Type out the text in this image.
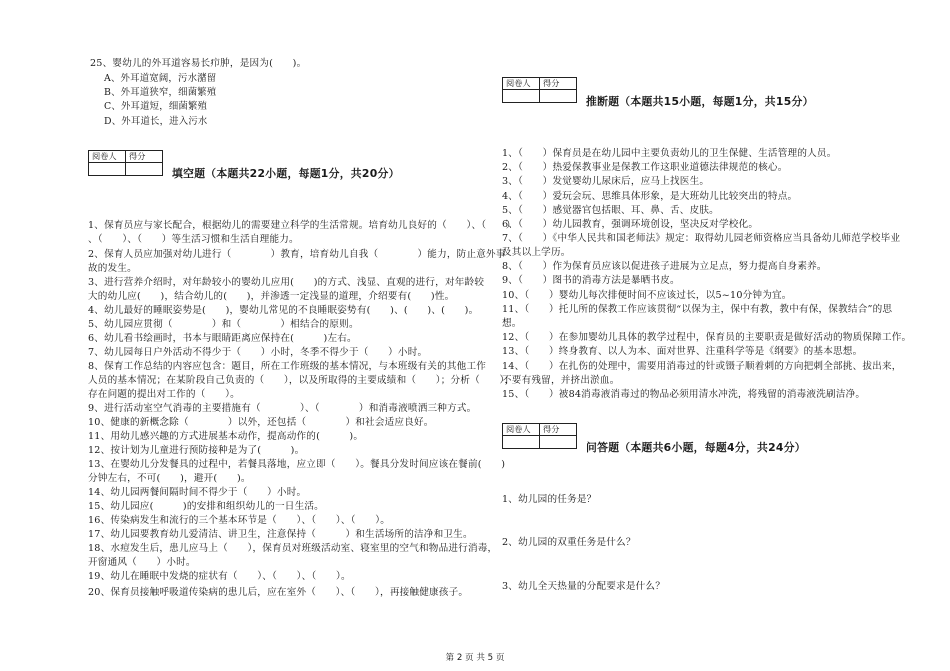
25、婴幼儿的外耳道容易长疖肿，是因为(　　)。
A、外耳道宽阔，污水潴留
B、外耳道狭窄，细菌繁殖
C、外耳道短，细菌繁殖
D、外耳道长，进入污水
阅卷人	得分

填空题（本题共22小题，每题1分，共20分）
1、保育员应与家长配合，根据幼儿的需要建立科学的生活常规。培育幼儿良好的（　　）、（　　）
、（　　）、（　　）等生活习惯和生活自理能力。
2、保育人员应加强对幼儿进行（　　　　）教育，培育幼儿自我（　　　　）能力，防止意外事
故的发生。
3、进行营养介绍时，对年龄较小的婴幼儿应用(　　)的方式、浅显、直观的进行，对年龄较
大的幼儿应(　　)，结合幼儿的(　　)，并渗透一定浅显的道理，介绍要有(　　)性。
4、幼儿最好的睡眠姿势是(　　)，婴幼儿常见的不良睡眠姿势有(　　)、(　　)、(　　)。
5、幼儿园应贯彻（　　　　）和（　　　　）相结合的原则。
6、幼儿看书绘画时，书本与眼睛距离应保持在(　　　)左右。
7、幼儿园每日户外活动不得少于（　　）小时，冬季不得少于（　　）小时。
8、保育工作总结的内容应包含：题目，所在工作班级的基本情况，与本班级有关的其他工作
人员的基本情况；在某阶段自己负责的（　　），以及所取得的主要成绩和（　　）；分析（　　），
存在问题的提出对工作的（　　）。
9、进行活动室空气消毒的主要措施有（　　　　）、（　　　　）和消毒液喷洒三种方式。
10、健康的新概念除（　　　　）以外，还包括（　　　　）和社会适应良好。
11、用幼儿感兴趣的方式进展基本动作，提高动作的(　　　)。
12、按计划为儿童进行预防接种是为了(　　　)。
13、在婴幼儿分发餐具的过程中，若餐具落地，应立即（　　）。餐具分发时间应该在餐前(　　)
分钟左右，不可(　　)，避开(　　)。
14、幼儿园两餐间隔时间不得少于（　　）小时。
15、幼儿园应(　　　)的安排和组织幼儿的一日生活。
16、传染病发生和流行的三个基本环节是（　　）、（　　）、（　　）。
17、幼儿园要教育幼儿爱清洁、讲卫生，注意保持（　　　）和生活场所的洁净和卫生。
18、水痘发生后，患儿应马上（　　），保育员对班级活动室、寝室里的空气和物品进行消毒，
开窗通风（　　）小时。
19、幼儿在睡眠中发烧的症状有（　　）、（　　）、（　　）。
20、保育员接触呼吸道传染病的患儿后，应在室外（　　）、（　　），再接触健康孩子。
阅卷人	得分

推断题（本题共15小题，每题1分，共15分）
1、（　　）保育员是在幼儿园中主要负责幼儿的卫生保健、生活管理的人员。
2、（　　）热爱保教事业是保教工作这职业道德法律规范的核心。
3、（　　）发觉婴幼儿尿床后，应马上找医生。
4、（　　）爱玩会玩、思维具体形象，是大班幼儿比较突出的特点。
5、（　　）感觉器官包括眼、耳、鼻、舌、皮肤。
6、（　　）幼儿园教育，强调环境创设，坚决反对学校化。
7、（　　）《中华人民共和国老师法》规定：取得幼儿园老师资格应当具备幼儿师范学校毕业
及其以上学历。
8、（　　）作为保育员应该以促进孩子进展为立足点，努力提高自身素养。
9、（　　）图书的消毒方法是暴晒书皮。
10、（　　）婴幼儿每次排便时间不应该过长，以5~10分钟为宜。
11、（　　）托儿所的保教工作应该贯彻“以保为主，保中有教，教中有保，保教结合”的思
想。
12、（　　）在参加婴幼儿具体的教学过程中，保育员的主要职责是做好活动的物质保障工作。
13、（　　）终身教育、以人为本、面对世界、注重科学等是《纲要》的基本思想。
14、（　　）在扎伤的处理中，需要用消毒过的针或镊子顺着刺的方向把刺全部挑、拔出来，
不要有残留，并挤出淤血。
15、（　　）被84消毒液消毒过的物品必须用清水冲洗，将残留的消毒液洗刷洁净。
阅卷人	得分

问答题（本题共6小题，每题4分，共24分）
1、幼儿园的任务是？
2、幼儿园的双重任务是什么？
3、幼儿全天热量的分配要求是什么？
第 2 页 共 5 页
